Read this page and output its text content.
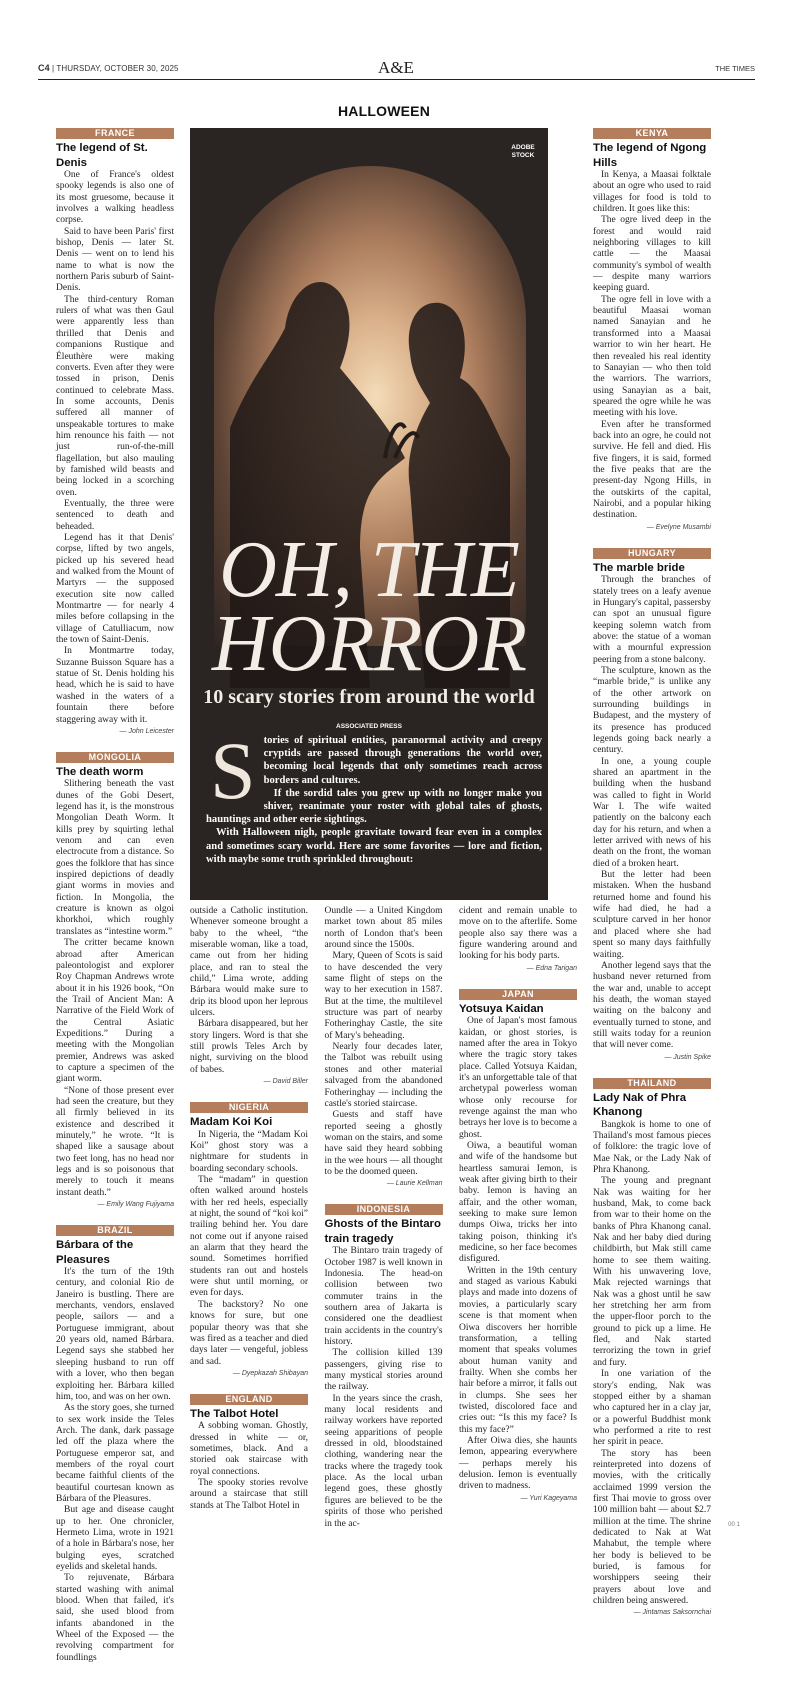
C4 | THURSDAY, OCTOBER 30, 2025	A&E	THE TIMES
HALLOWEEN
FRANCE
The legend of St. Denis

One of France's oldest spooky legends is also one of its most gruesome, because it involves a walking headless corpse.

Said to have been Paris' first bishop, Denis — later St. Denis — went on to lend his name to what is now the northern Paris suburb of Saint-Denis.

The third-century Roman rulers of what was then Gaul were apparently less than thrilled that Denis and companions Rustique and Éleuthère were making converts. Even after they were tossed in prison, Denis continued to celebrate Mass. In some accounts, Denis suffered all manner of unspeakable tortures to make him renounce his faith — not just run-of-the-mill flagellation, but also mauling by famished wild beasts and being locked in a scorching oven.

Eventually, the three were sentenced to death and beheaded.

Legend has it that Denis' corpse, lifted by two angels, picked up his severed head and walked from the Mount of Martyrs — the supposed execution site now called Montmartre — for nearly 4 miles before collapsing in the village of Catulliacum, now the town of Saint-Denis.

In Montmartre today, Suzanne Buisson Square has a statue of St. Denis holding his head, which he is said to have washed in the waters of a fountain there before staggering away with it.

— John Leicester
MONGOLIA
The death worm

Slithering beneath the vast dunes of the Gobi Desert, legend has it, is the monstrous Mongolian Death Worm. It kills prey by squirting lethal venom and can even electrocute from a distance. So goes the folklore that has since inspired depictions of deadly giant worms in movies and fiction. In Mongolia, the creature is known as olgoi khorkhoi, which roughly translates as “intestine worm.”

The critter became known abroad after American paleontologist and explorer Roy Chapman Andrews wrote about it in his 1926 book, “On the Trail of Ancient Man: A Narrative of the Field Work of the Central Asiatic Expeditions.” During a meeting with the Mongolian premier, Andrews was asked to capture a specimen of the giant worm.

“None of those present ever had seen the creature, but they all firmly believed in its existence and described it minutely,” he wrote. “It is shaped like a sausage about two feet long, has no head nor legs and is so poisonous that merely to touch it means instant death.”

— Emily Wang Fujiyama
BRAZIL
Bárbara of the Pleasures

It's the turn of the 19th century, and colonial Rio de Janeiro is bustling. There are merchants, vendors, enslaved people, sailors — and a Portuguese immigrant, about 20 years old, named Bárbara. Legend says she stabbed her sleeping husband to run off with a lover, who then began exploiting her. Bárbara killed him, too, and was on her own.

As the story goes, she turned to sex work inside the Teles Arch. The dank, dark passage led off the plaza where the Portuguese emperor sat, and members of the royal court became faithful clients of the beautiful courtesan known as Bárbara of the Pleasures.

But age and disease caught up to her. One chronicler, Hermeto Lima, wrote in 1921 of a hole in Bárbara's nose, her bulging eyes, scratched eyelids and skeletal hands.

To rejuvenate, Bárbara started washing with animal blood. When that failed, it's said, she used blood from infants abandoned in the Wheel of the Exposed — the revolving compartment for foundlings

ADOBE STOCK
OH, THE
HORROR
10 scary stories from around the world
ASSOCIATED PRESS
S tories of spiritual entities, paranormal activity and creepy cryptids are passed through generations the world over, becoming local legends that only sometimes reach across borders and cultures.

If the sordid tales you grew up with no longer make you shiver, reanimate your roster with global tales of ghosts, hauntings and other eerie sightings.

With Halloween nigh, people gravitate toward fear even in a complex and sometimes scary world. Here are some favorites — lore and fiction, with maybe some truth sprinkled throughout:

outside a Catholic institution. Whenever someone brought a baby to the wheel, “the miserable woman, like a toad, came out from her hiding place, and ran to steal the child,” Lima wrote, adding Bárbara would make sure to drip its blood upon her leprous ulcers.

Bárbara disappeared, but her story lingers. Word is that she still prowls Teles Arch by night, surviving on the blood of babes.

— David Biller
NIGERIA
Madam Koi Koi

In Nigeria, the “Madam Koi Koi” ghost story was a nightmare for students in boarding secondary schools.

The “madam” in question often walked around hostels with her red heels, especially at night, the sound of “koi koi” trailing behind her. You dare not come out if anyone raised an alarm that they heard the sound. Sometimes horrified students ran out and hostels were shut until morning, or even for days.

The backstory? No one knows for sure, but one popular theory was that she was fired as a teacher and died days later — vengeful, jobless and sad.

— Dyepkazah Shibayan
ENGLAND
The Talbot Hotel

A sobbing woman. Ghostly, dressed in white — or, sometimes, black. And a storied oak staircase with royal connections.

The spooky stories revolve around a staircase that still stands at The Talbot Hotel in

Oundle — a United Kingdom market town about 85 miles north of London that's been around since the 1500s.

Mary, Queen of Scots is said to have descended the very same flight of steps on the way to her execution in 1587. But at the time, the multilevel structure was part of nearby Fotheringhay Castle, the site of Mary's beheading.

Nearly four decades later, the Talbot was rebuilt using stones and other material salvaged from the abandoned Fotheringhay — including the castle's storied staircase.

Guests and staff have reported seeing a ghostly woman on the stairs, and some have said they heard sobbing in the wee hours — all thought to be the doomed queen.

— Laurie Kellman
INDONESIA
Ghosts of the Bintaro train tragedy

The Bintaro train tragedy of October 1987 is well known in Indonesia. The head-on collision between two commuter trains in the southern area of Jakarta is considered one the deadliest train accidents in the country's history.

The collision killed 139 passengers, giving rise to many mystical stories around the railway.

In the years since the crash, many local residents and railway workers have reported seeing apparitions of people dressed in old, bloodstained clothing, wandering near the tracks where the tragedy took place. As the local urban legend goes, these ghostly figures are believed to be the spirits of those who perished in the ac-

cident and remain unable to move on to the afterlife. Some people also say there was a figure wandering around and looking for his body parts.

— Edna Tarigan
JAPAN
Yotsuya Kaidan

One of Japan's most famous kaidan, or ghost stories, is named after the area in Tokyo where the tragic story takes place. Called Yotsuya Kaidan, it's an unforgettable tale of that archetypal powerless woman whose only recourse for revenge against the man who betrays her love is to become a ghost.

Oiwa, a beautiful woman and wife of the handsome but heartless samurai Iemon, is weak after giving birth to their baby. Iemon is having an affair, and the other woman, seeking to make sure Iemon dumps Oiwa, tricks her into taking poison, thinking it's medicine, so her face becomes disfigured.

Written in the 19th century and staged as various Kabuki plays and made into dozens of movies, a particularly scary scene is that moment when Oiwa discovers her horrible transformation, a telling moment that speaks volumes about human vanity and frailty. When she combs her hair before a mirror, it falls out in clumps. She sees her twisted, discolored face and cries out: “Is this my face? Is this my face?”

After Oiwa dies, she haunts Iemon, appearing everywhere — perhaps merely his delusion. Iemon is eventually driven to madness.

— Yuri Kageyama
KENYA
The legend of Ngong Hills

In Kenya, a Maasai folktale about an ogre who used to raid villages for food is told to children. It goes like this:

The ogre lived deep in the forest and would raid neighboring villages to kill cattle — the Maasai community's symbol of wealth — despite many warriors keeping guard.

The ogre fell in love with a beautiful Maasai woman named Sanayian and he transformed into a Maasai warrior to win her heart. He then revealed his real identity to Sanayian — who then told the warriors. The warriors, using Sanayian as a bait, speared the ogre while he was meeting with his love.

Even after he transformed back into an ogre, he could not survive. He fell and died. His five fingers, it is said, formed the five peaks that are the present-day Ngong Hills, in the outskirts of the capital, Nairobi, and a popular hiking destination.

— Evelyne Musambi
HUNGARY
The marble bride

Through the branches of stately trees on a leafy avenue in Hungary's capital, passersby can spot an unusual figure keeping solemn watch from above: the statue of a woman with a mournful expression peering from a stone balcony.

The sculpture, known as the “marble bride,” is unlike any of the other artwork on surrounding buildings in Budapest, and the mystery of its presence has produced legends going back nearly a century.

In one, a young couple shared an apartment in the building when the husband was called to fight in World War I. The wife waited patiently on the balcony each day for his return, and when a letter arrived with news of his death on the front, the woman died of a broken heart.

But the letter had been mistaken. When the husband returned home and found his wife had died, he had a sculpture carved in her honor and placed where she had spent so many days faithfully waiting.

Another legend says that the husband never returned from the war and, unable to accept his death, the woman stayed waiting on the balcony and eventually turned to stone, and still waits today for a reunion that will never come.

— Justin Spike
THAILAND
Lady Nak of Phra Khanong

Bangkok is home to one of Thailand's most famous pieces of folklore: the tragic love of Mae Nak, or the Lady Nak of Phra Khanong.

The young and pregnant Nak was waiting for her husband, Mak, to come back from war to their home on the banks of Phra Khanong canal. Nak and her baby died during childbirth, but Mak still came home to see them waiting. With his unwavering love, Mak rejected warnings that Nak was a ghost until he saw her stretching her arm from the upper-floor porch to the ground to pick up a lime. He fled, and Nak started terrorizing the town in grief and fury.

In one variation of the story's ending, Nak was stopped either by a shaman who captured her in a clay jar, or a powerful Buddhist monk who performed a rite to rest her spirit in peace.

The story has been reinterpreted into dozens of movies, with the critically acclaimed 1999 version the first Thai movie to gross over 100 million baht — about $2.7 million at the time. The shrine dedicated to Nak at Wat Mahabut, the temple where her body is believed to be buried, is famous for worshippers seeing their prayers about love and children being answered.

— Jintamas Saksornchai
00 1
